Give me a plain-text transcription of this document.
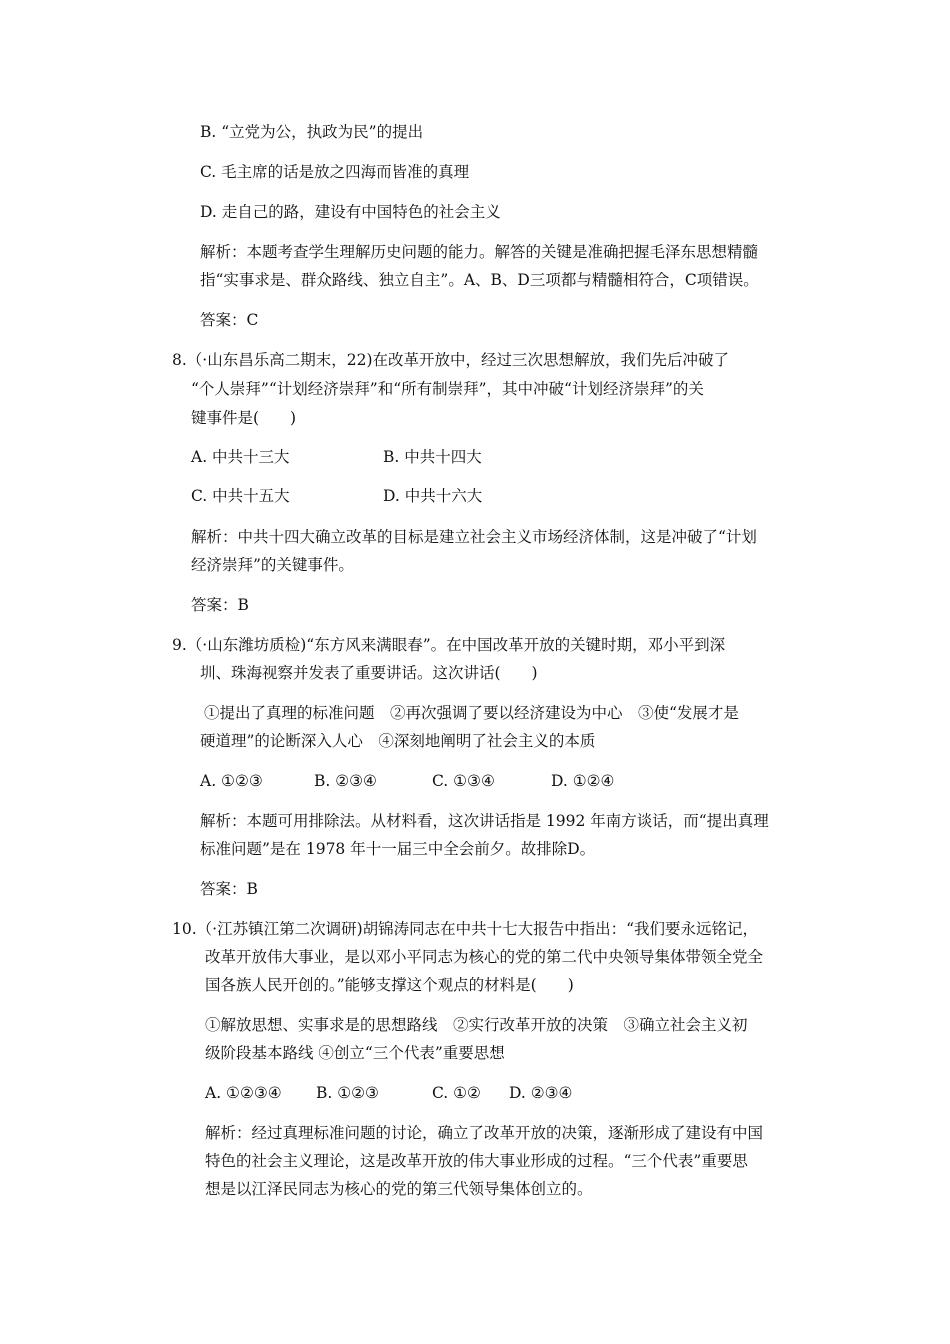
B. “立党为公，执政为民”的提出
C. 毛主席的话是放之四海而皆准的真理
D. 走自己的路，建设有中国特色的社会主义
解析：本题考查学生理解历史问题的能力。解答的关键是准确把握毛泽东思想精髓
指“实事求是、群众路线、独立自主”。A、B、D三项都与精髓相符合，C项错误。
答案：C
8.（·山东昌乐高二期末，22)在改革开放中，经过三次思想解放，我们先后冲破了
“个人崇拜”“计划经济崇拜”和“所有制崇拜”，其中冲破“计划经济崇拜”的关
键事件是(　　)
A. 中共十三大	B. 中共十四大
C. 中共十五大	D. 中共十六大
解析：中共十四大确立改革的目标是建立社会主义市场经济体制，这是冲破了“计划
经济崇拜”的关键事件。
答案：B
9.（·山东潍坊质检)“东方风来满眼春”。在中国改革开放的关键时期，邓小平到深
圳、珠海视察并发表了重要讲话。这次讲话(　　)
①提出了真理的标准问题　②再次强调了要以经济建设为中心　③使“发展才是
硬道理”的论断深入人心　④深刻地阐明了社会主义的本质
A. ①②③	B. ②③④	C. ①③④	D. ①②④
解析：本题可用排除法。从材料看，这次讲话指是 1992 年南方谈话，而“提出真理
标准问题”是在 1978 年十一届三中全会前夕。故排除D。
答案：B
10.（·江苏镇江第二次调研)胡锦涛同志在中共十七大报告中指出：“我们要永远铭记，
改革开放伟大事业，是以邓小平同志为核心的党的第二代中央领导集体带领全党全
国各族人民开创的。”能够支撑这个观点的材料是(　　)
①解放思想、实事求是的思想路线　②实行改革开放的决策　③确立社会主义初
级阶段基本路线 ④创立“三个代表”重要思想
A. ①②③④ B. ①②③	C. ①② D. ②③④
解析：经过真理标准问题的讨论，确立了改革开放的决策，逐渐形成了建设有中国
特色的社会主义理论，这是改革开放的伟大事业形成的过程。“三个代表”重要思
想是以江泽民同志为核心的党的第三代领导集体创立的。
